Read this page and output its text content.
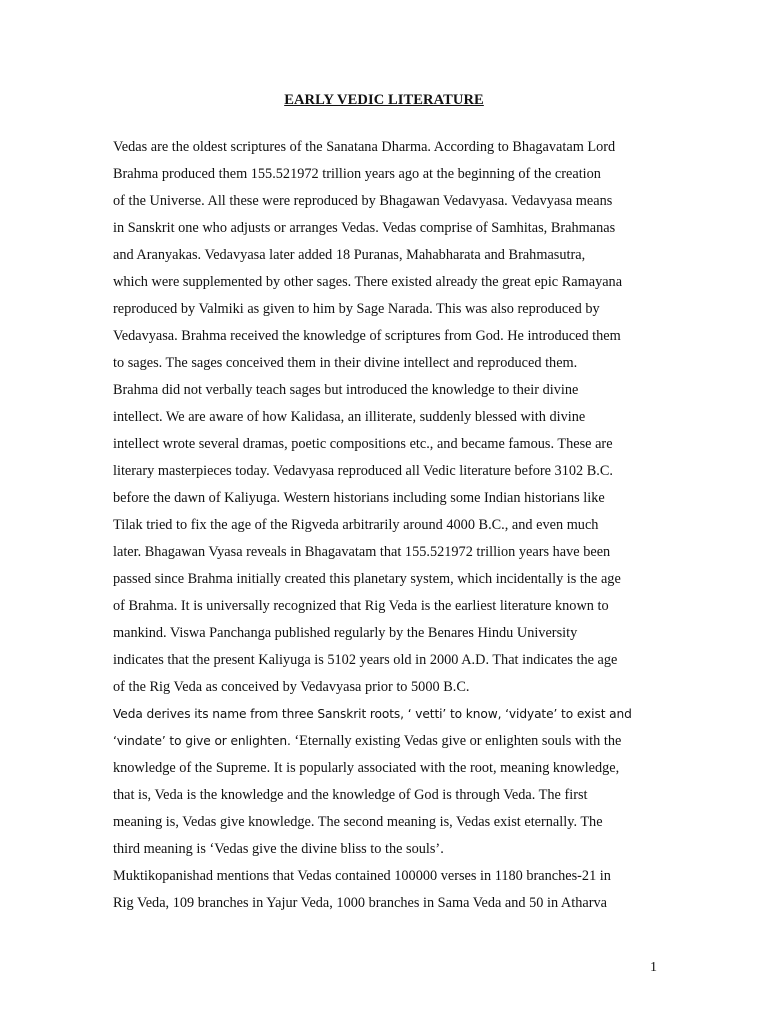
EARLY VEDIC LITERATURE
Vedas are the oldest scriptures of the Sanatana Dharma. According to Bhagavatam Lord
Brahma produced them 155.521972 trillion years ago at the beginning of the creation
of the Universe. All these were reproduced by Bhagawan Vedavyasa. Vedavyasa means
in Sanskrit one who adjusts or arranges Vedas. Vedas comprise of Samhitas, Brahmanas
and Aranyakas. Vedavyasa later added 18 Puranas, Mahabharata and Brahmasutra,
which were supplemented by other sages. There existed already the great epic Ramayana
reproduced by Valmiki as given to him by Sage Narada. This was also reproduced by
Vedavyasa. Brahma received the knowledge of scriptures from God. He introduced them
to sages. The sages conceived them in their divine intellect and reproduced them.
Brahma did not verbally teach sages but introduced the knowledge to their divine
intellect. We are aware of how Kalidasa, an illiterate, suddenly blessed with divine
intellect wrote several dramas, poetic compositions etc., and became famous. These are
literary masterpieces today. Vedavyasa reproduced all Vedic literature before 3102 B.C.
before the dawn of Kaliyuga. Western historians including some Indian historians like
Tilak tried to fix the age of the Rigveda arbitrarily around 4000 B.C., and even much
later. Bhagawan Vyasa reveals in Bhagavatam that 155.521972 trillion years have been
passed since Brahma initially created this planetary system, which incidentally is the age
of Brahma. It is universally recognized that Rig Veda is the earliest literature known to
mankind. Viswa Panchanga published regularly by the Benares Hindu University
indicates that the present Kaliyuga is 5102 years old in 2000 A.D. That indicates the age
of the Rig Veda as conceived by Vedavyasa prior to 5000 B.C.
Veda derives its name from three Sanskrit roots, ‘ vetti’ to know, ‘vidyate’ to exist and
‘vindate’ to give or enlighten. ‘Eternally existing Vedas give or enlighten souls with the
knowledge of the Supreme. It is popularly associated with the root, meaning knowledge,
that is, Veda is the knowledge and the knowledge of God is through Veda. The first
meaning is, Vedas give knowledge. The second meaning is, Vedas exist eternally. The
third meaning is ‘Vedas give the divine bliss to the souls’.
Muktikopanishad mentions that Vedas contained 100000 verses in 1180 branches-21 in
Rig Veda, 109 branches in Yajur Veda, 1000 branches in Sama Veda and 50 in Atharva
1
